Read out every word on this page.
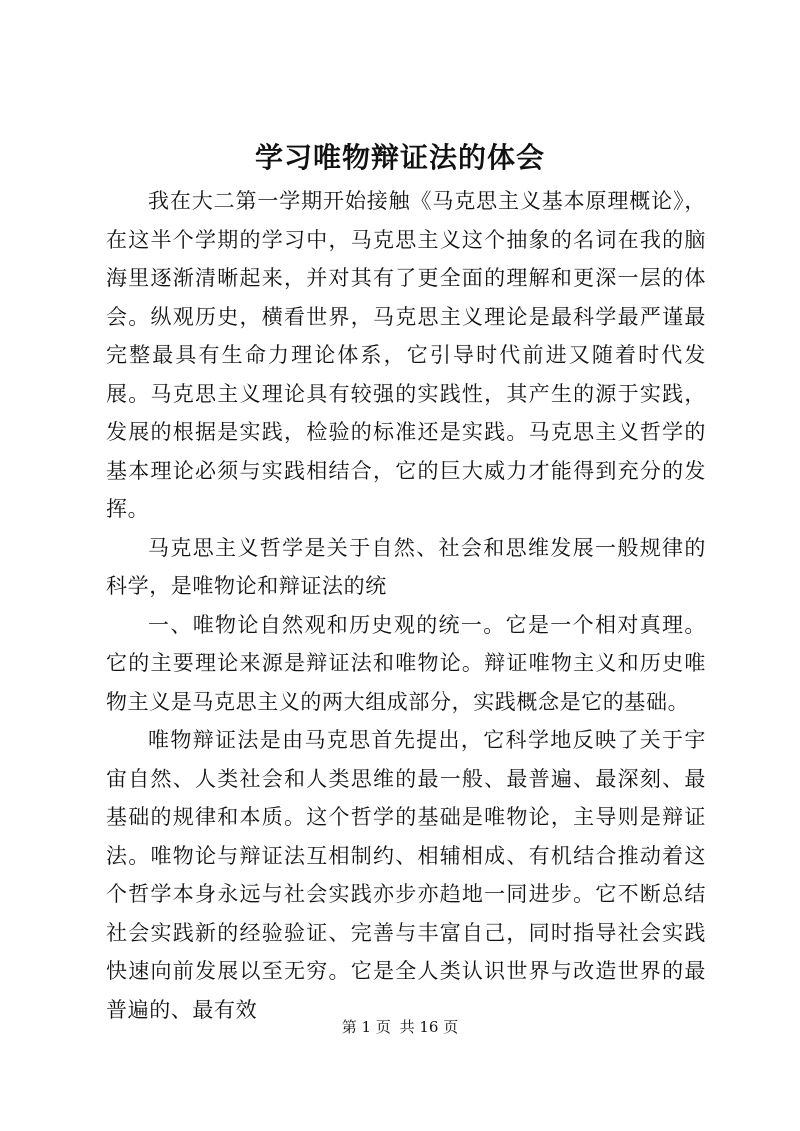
学习唯物辩证法的体会

我在大二第一学期开始接触《马克思主义基本原理概论》，在这半个学期的学习中，马克思主义这个抽象的名词在我的脑海里逐渐清晰起来，并对其有了更全面的理解和更深一层的体会。纵观历史，横看世界，马克思主义理论是最科学最严谨最完整最具有生命力理论体系，它引导时代前进又随着时代发展。马克思主义理论具有较强的实践性，其产生的源于实践，发展的根据是实践，检验的标准还是实践。马克思主义哲学的基本理论必须与实践相结合，它的巨大威力才能得到充分的发挥。

马克思主义哲学是关于自然、社会和思维发展一般规律的科学，是唯物论和辩证法的统

一、唯物论自然观和历史观的统一。它是一个相对真理。它的主要理论来源是辩证法和唯物论。辩证唯物主义和历史唯物主义是马克思主义的两大组成部分，实践概念是它的基础。

唯物辩证法是由马克思首先提出，它科学地反映了关于宇宙自然、人类社会和人类思维的最一般、最普遍、最深刻、最基础的规律和本质。这个哲学的基础是唯物论，主导则是辩证法。唯物论与辩证法互相制约、相辅相成、有机结合推动着这个哲学本身永远与社会实践亦步亦趋地一同进步。它不断总结社会实践新的经验验证、完善与丰富自己，同时指导社会实践快速向前发展以至无穷。它是全人类认识世界与改造世界的最普遍的、最有效

第 1 页 共 16 页
